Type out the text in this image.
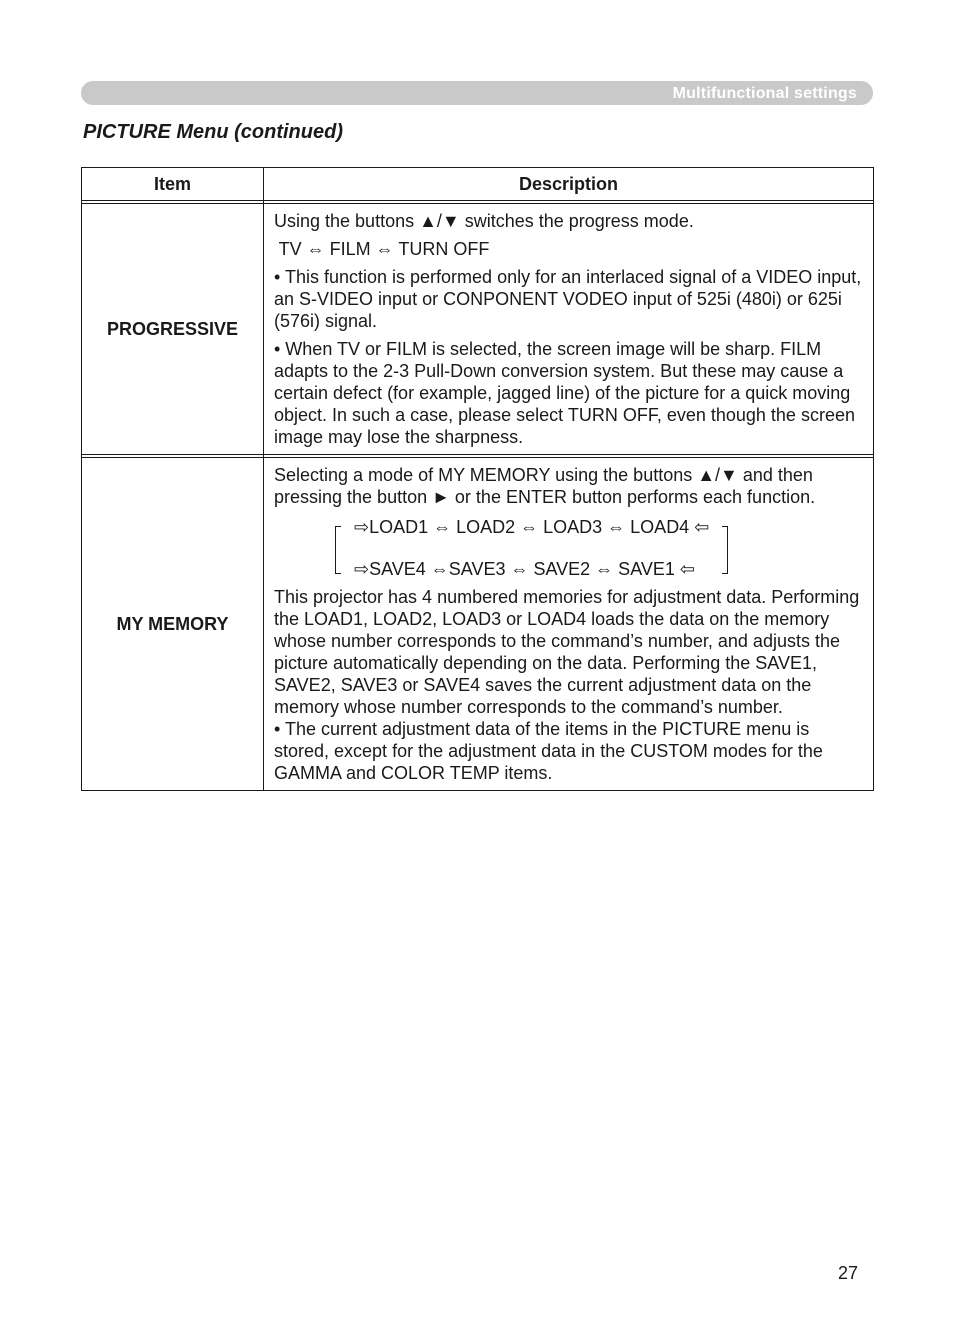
Multifunctional settings
PICTURE Menu (continued)
Item	Description

PROGRESSIVE	Using the buttons ▲/▼ switches the progress mode.

TV ⇔ FILM ⇔ TURN OFF

• This function is performed only for an interlaced signal of a VIDEO input, an S-VIDEO input or CONPONENT VODEO input of 525i (480i) or 625i (576i) signal.

• When TV or FILM is selected, the screen image will be sharp. FILM adapts to the 2-3 Pull-Down conversion system. But these may cause a certain defect (for example, jagged line) of the picture for a quick moving object. In such a case, please select TURN OFF, even though the screen image may lose the sharpness.

MY MEMORY	Selecting a mode of MY MEMORY using the buttons ▲/▼ and then pressing the button ► or the ENTER button performs each function.

⇨LOAD1 ⇔ LOAD2 ⇔ LOAD3 ⇔ LOAD4 ⇦
⇨SAVE4 ⇔SAVE3 ⇔ SAVE2 ⇔ SAVE1 ⇦

This projector has 4 numbered memories for adjustment data. Performing the LOAD1, LOAD2, LOAD3 or LOAD4 loads the data on the memory whose number corresponds to the command’s number, and adjusts the picture automatically depending on the data. Performing the SAVE1, SAVE2, SAVE3 or SAVE4 saves the current adjustment data on the memory whose number corresponds to the command’s number.

• The current adjustment data of the items in the PICTURE menu is stored, except for the adjustment data in the CUSTOM modes for the GAMMA and COLOR TEMP items.

27
